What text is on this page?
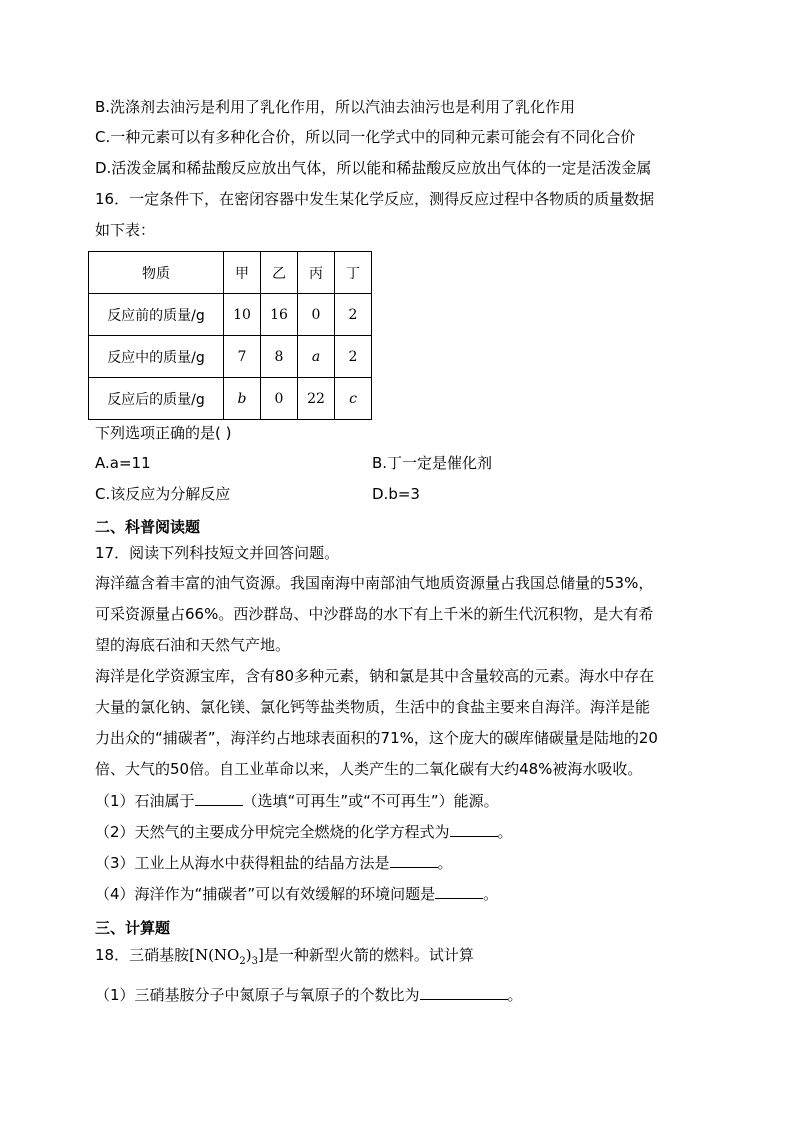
B.洗涤剂去油污是利用了乳化作用，所以汽油去油污也是利用了乳化作用
C.一种元素可以有多种化合价，所以同一化学式中的同种元素可能会有不同化合价
D.活泼金属和稀盐酸反应放出气体，所以能和稀盐酸反应放出气体的一定是活泼金属
16．一定条件下，在密闭容器中发生某化学反应，测得反应过程中各物质的质量数据
如下表：
物质	甲	乙	丙	丁
反应前的质量/g	10	16	0	2
反应中的质量/g	7	8	a	2
反应后的质量/g	b	0	22	c
下列选项正确的是( )
A.a=11	B.丁一定是催化剂
C.该反应为分解反应	D.b=3
二、科普阅读题
17．阅读下列科技短文并回答问题。
海洋蕴含着丰富的油气资源。我国南海中南部油气地质资源量占我国总储量的53%，
可采资源量占66%。西沙群岛、中沙群岛的水下有上千米的新生代沉积物，是大有希
望的海底石油和天然气产地。
海洋是化学资源宝库，含有80多种元素，钠和氯是其中含量较高的元素。海水中存在
大量的氯化钠、氯化镁、氯化钙等盐类物质，生活中的食盐主要来自海洋。海洋是能
力出众的“捕碳者”，海洋约占地球表面积的71%，这个庞大的碳库储碳量是陆地的20
倍、大气的50倍。自工业革命以来，人类产生的二氧化碳有大约48%被海水吸收。
（1）石油属于	（选填“可再生”或“不可再生”）能源。
（2）天然气的主要成分甲烷完全燃烧的化学方程式为	。
（3）工业上从海水中获得粗盐的结晶方法是	。
（4）海洋作为“捕碳者”可以有效缓解的环境问题是	。
三、计算题
18．三硝基胺$[N(NO_2)_3]$是一种新型火箭的燃料。试计算
（1）三硝基胺分子中氮原子与氧原子的个数比为	。
